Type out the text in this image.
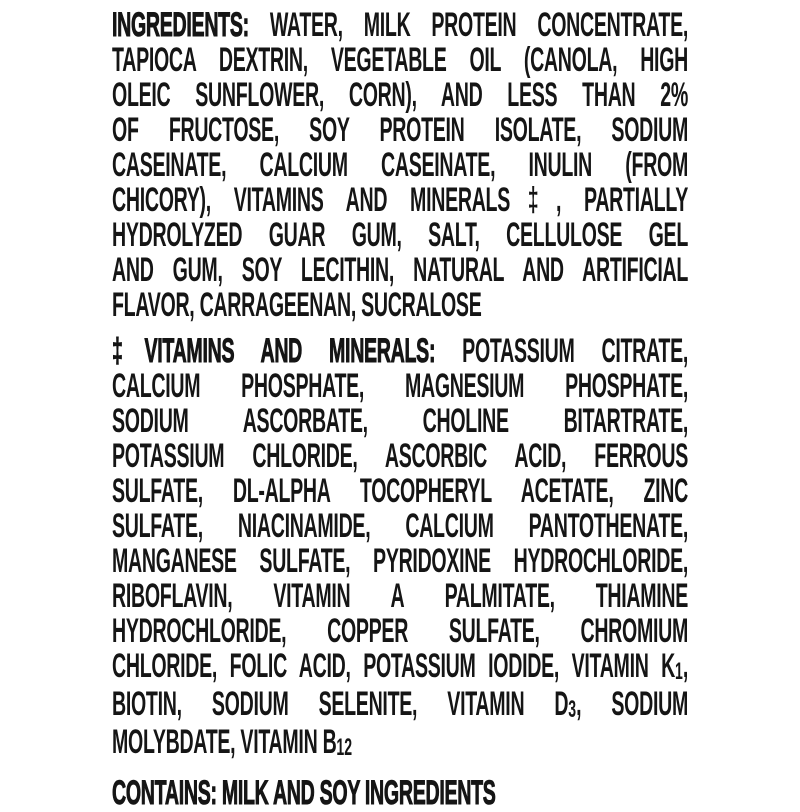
INGREDIENTS: WATER, MILK PROTEIN CONCENTRATE,
TAPIOCA DEXTRIN, VEGETABLE OIL (CANOLA, HIGH
OLEIC SUNFLOWER, CORN), AND LESS THAN 2%
OF FRUCTOSE, SOY PROTEIN ISOLATE, SODIUM
CASEINATE, CALCIUM CASEINATE, INULIN (FROM
CHICORY), VITAMINS AND MINERALS‡, PARTIALLY
HYDROLYZED GUAR GUM, SALT, CELLULOSE GEL
AND GUM, SOY LECITHIN, NATURAL AND ARTIFICIAL
FLAVOR, CARRAGEENAN, SUCRALOSE
‡VITAMINS AND MINERALS: POTASSIUM CITRATE,
CALCIUM PHOSPHATE, MAGNESIUM PHOSPHATE,
SODIUM ASCORBATE, CHOLINE BITARTRATE,
POTASSIUM CHLORIDE, ASCORBIC ACID, FERROUS
SULFATE, DL-ALPHA TOCOPHERYL ACETATE, ZINC
SULFATE, NIACINAMIDE, CALCIUM PANTOTHENATE,
MANGANESE SULFATE, PYRIDOXINE HYDROCHLORIDE,
RIBOFLAVIN, VITAMIN A PALMITATE, THIAMINE
HYDROCHLORIDE, COPPER SULFATE, CHROMIUM
CHLORIDE, FOLIC ACID, POTASSIUM IODIDE, VITAMIN K1,
BIOTIN, SODIUM SELENITE, VITAMIN D3, SODIUM
MOLYBDATE, VITAMIN B12
CONTAINS: MILK AND SOY INGREDIENTS
